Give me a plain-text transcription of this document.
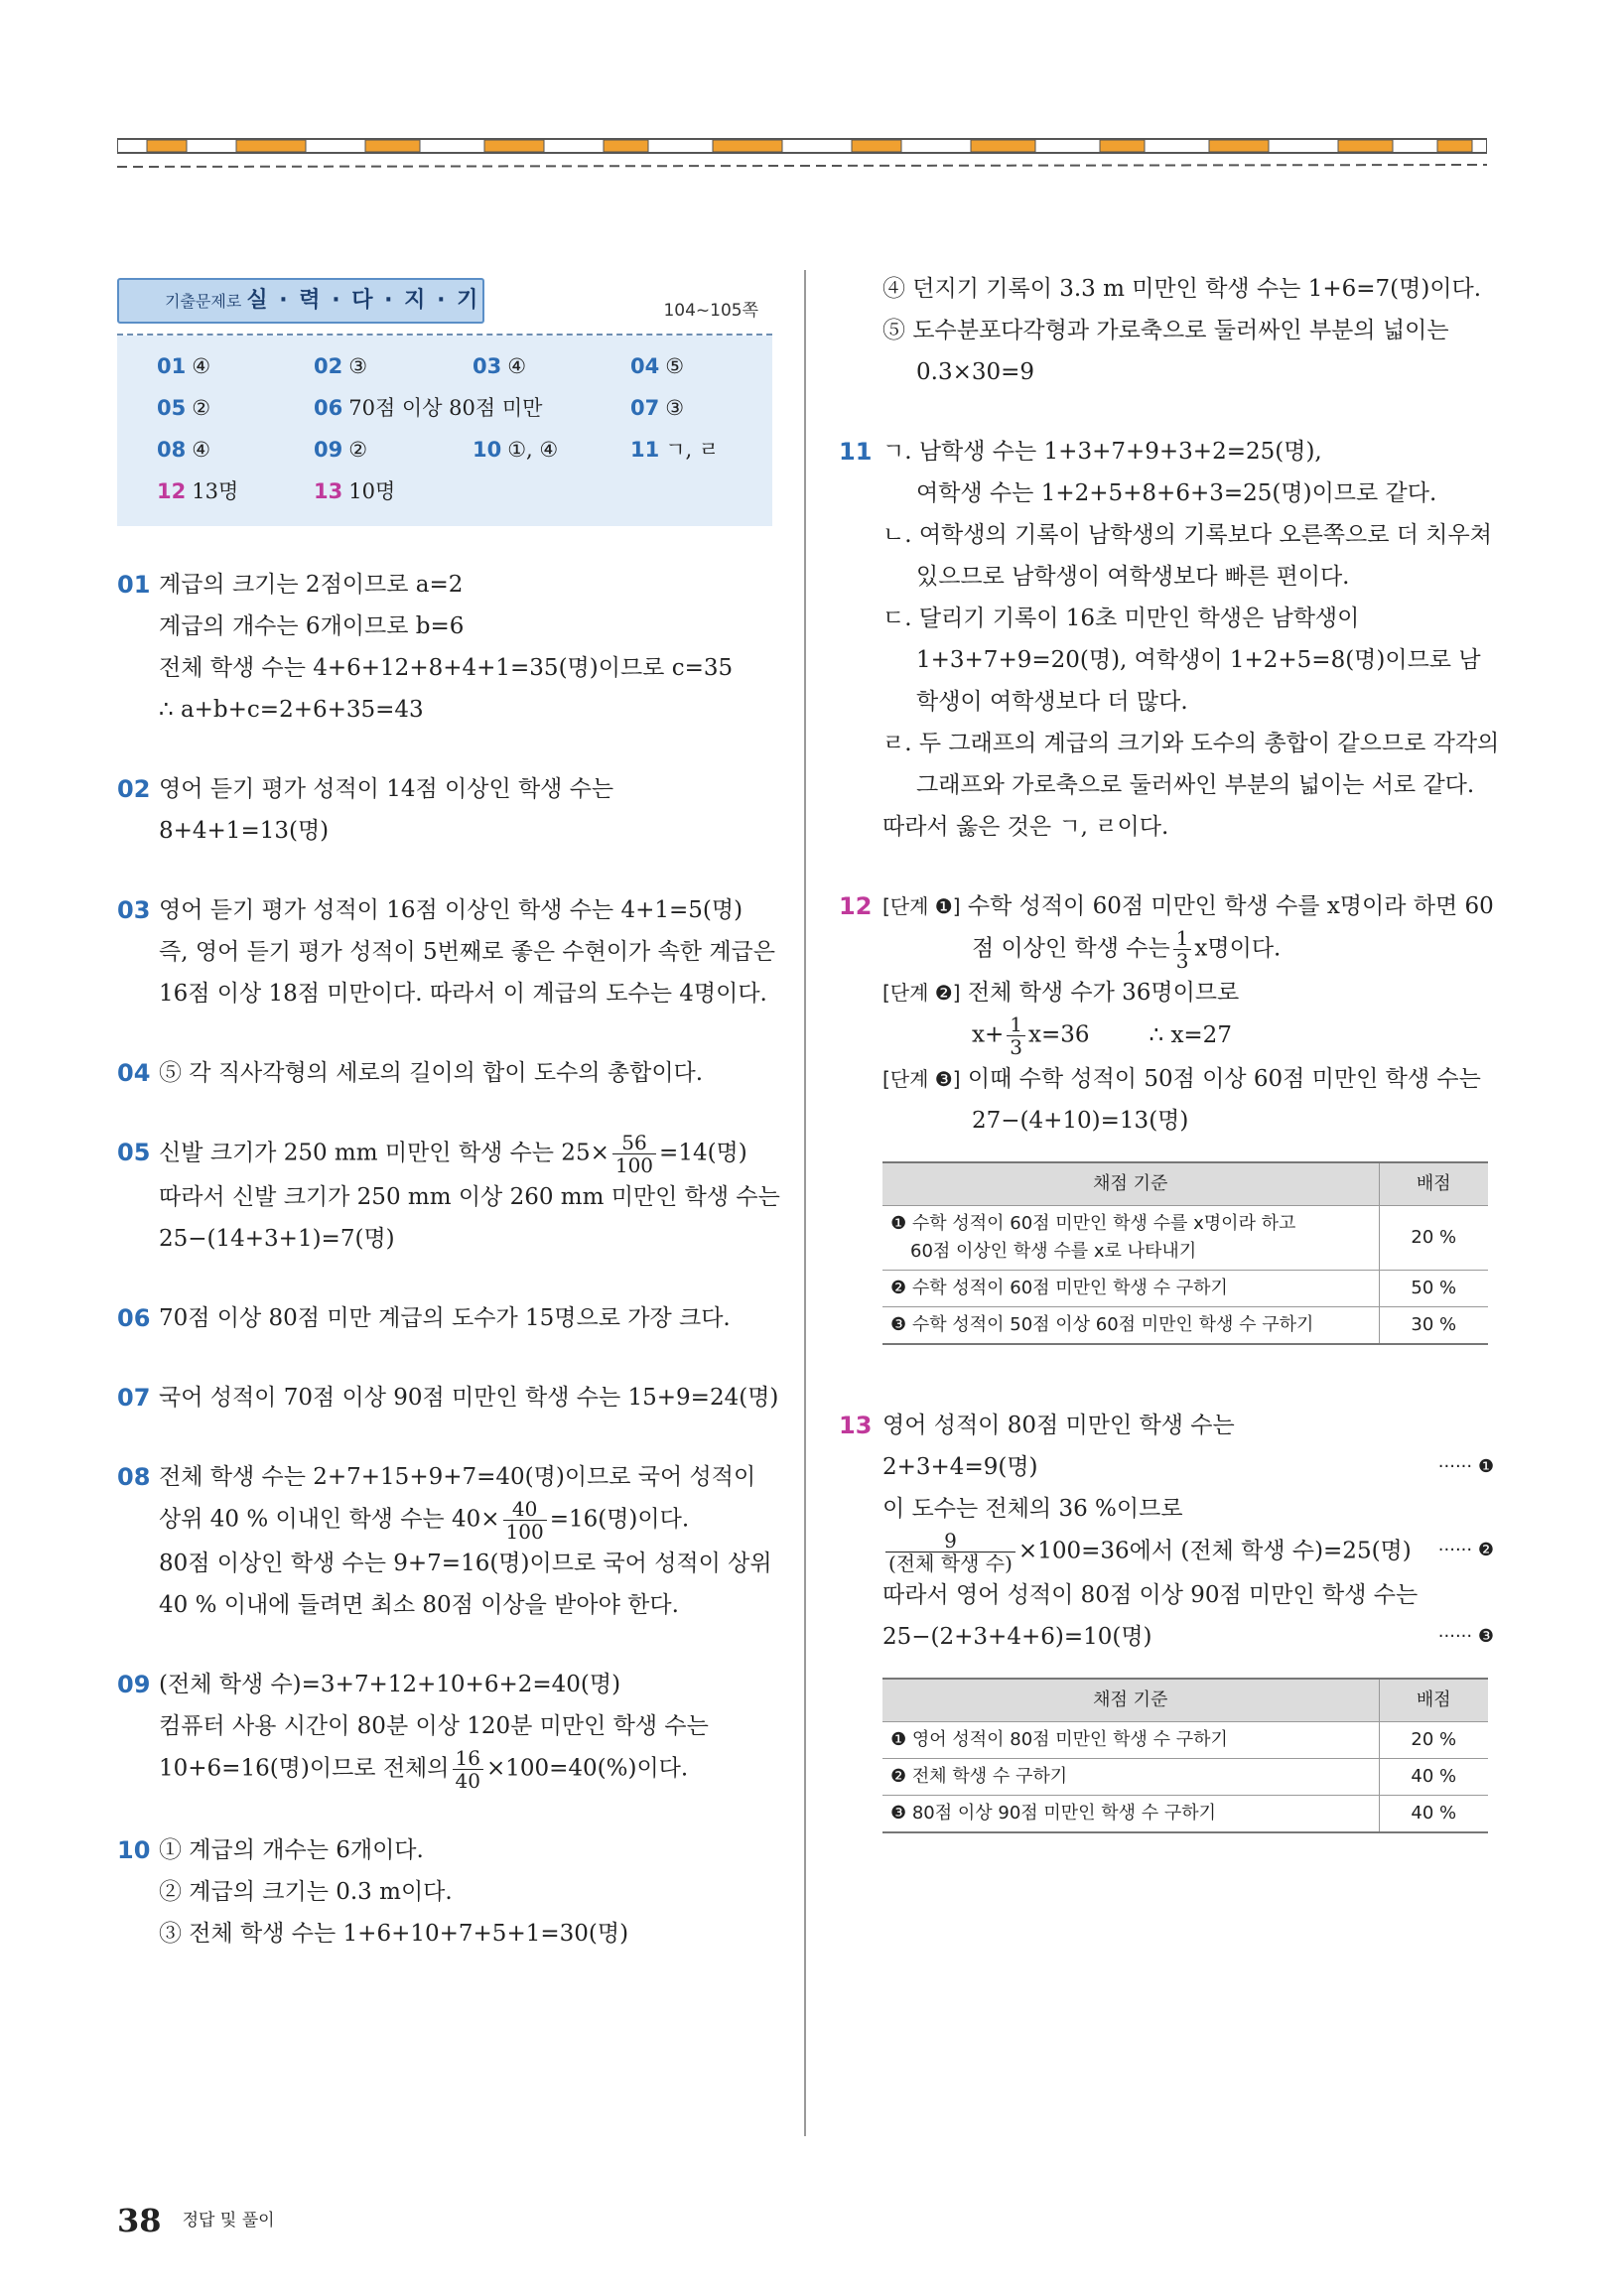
기출문제로 실 · 력 · 다 · 지 · 기	104~105쪽
01 ④	02 ③	03 ④	04 ⑤
05 ②	06 70점 이상 80점 미만	07 ③
08 ④	09 ②	10 ①, ④	11 ㄱ, ㄹ
12 13명	13 10명
01 계급의 크기는 2점이므로 a=2
계급의 개수는 6개이므로 b=6
전체 학생 수는 4+6+12+8+4+1=35(명)이므로 c=35
∴ a+b+c=2+6+35=43
02 영어 듣기 평가 성적이 14점 이상인 학생 수는
8+4+1=13(명)
03 영어 듣기 평가 성적이 16점 이상인 학생 수는 4+1=5(명)
즉, 영어 듣기 평가 성적이 5번째로 좋은 수현이가 속한 계급은
16점 이상 18점 미만이다. 따라서 이 계급의 도수는 4명이다.
04 ⑤ 각 직사각형의 세로의 길이의 합이 도수의 총합이다.
05 신발 크기가 250 mm 미만인 학생 수는 $25\times \frac{56}{100} =14$(명)
따라서 신발 크기가 250 mm 이상 260 mm 미만인 학생 수는
25−(14+3+1)=7(명)
06 70점 이상 80점 미만 계급의 도수가 15명으로 가장 크다.
07 국어 성적이 70점 이상 90점 미만인 학생 수는 15+9=24(명)
08 전체 학생 수는 2+7+15+9+7=40(명)이므로 국어 성적이
상위 40 % 이내인 학생 수는 $40\times \frac{40}{100} =16$(명)이다.
80점 이상인 학생 수는 9+7=16(명)이므로 국어 성적이 상위
40 % 이내에 들려면 최소 80점 이상을 받아야 한다.
09 (전체 학생 수)=3+7+12+10+6+2=40(명)
컴퓨터 사용 시간이 80분 이상 120분 미만인 학생 수는
10+6=16(명)이므로 전체의 $\frac{16}{40} \times 100=40(\%)$이다.
10 ① 계급의 개수는 6개이다.
② 계급의 크기는 0.3 m이다.
③ 전체 학생 수는 1+6+10+7+5+1=30(명)
④ 던지기 기록이 3.3 m 미만인 학생 수는 1+6=7(명)이다.
⑤ 도수분포다각형과 가로축으로 둘러싸인 부분의 넓이는
0.3×30=9
11 ㄱ. 남학생 수는 1+3+7+9+3+2=25(명),
여학생 수는 1+2+5+8+6+3=25(명)이므로 같다.
ㄴ. 여학생의 기록이 남학생의 기록보다 오른쪽으로 더 치우쳐
있으므로 남학생이 여학생보다 빠른 편이다.
ㄷ. 달리기 기록이 16초 미만인 학생은 남학생이
1+3+7+9=20(명), 여학생이 1+2+5=8(명)이므로 남
학생이 여학생보다 더 많다.
ㄹ. 두 그래프의 계급의 크기와 도수의 총합이 같으므로 각각의
그래프와 가로축으로 둘러싸인 부분의 넓이는 서로 같다.
따라서 옳은 것은 ㄱ, ㄹ이다.
12 [단계 ❶] 수학 성적이 60점 미만인 학생 수를 x명이라 하면 60
점 이상인 학생 수는 $\frac{1}{3}$ x명이다.
[단계 ❷] 전체 학생 수가 36명이므로
$x+ \frac{1}{3} x=36$	∴ x=27
[단계 ❸] 이때 수학 성적이 50점 이상 60점 미만인 학생 수는
27−(4+10)=13(명)
채점 기준	배점
❶ 수학 성적이 60점 미만인 학생 수를 x명이라 하고
60점 이상인 학생 수를 x로 나타내기	20 %
❷ 수학 성적이 60점 미만인 학생 수 구하기	50 %
❸ 수학 성적이 50점 이상 60점 미만인 학생 수 구하기	30 %
13 영어 성적이 80점 미만인 학생 수는
2+3+4=9(명)	······ ❶
이 도수는 전체의 36 %이므로
$\frac{9}{\text{(전체 학생 수)}} \times 100=36$에서 (전체 학생 수)=25(명) ······ ❷
따라서 영어 성적이 80점 이상 90점 미만인 학생 수는
25−(2+3+4+6)=10(명)	······ ❸
채점 기준	배점
❶ 영어 성적이 80점 미만인 학생 수 구하기	20 %
❷ 전체 학생 수 구하기	40 %
❸ 80점 이상 90점 미만인 학생 수 구하기	40 %
38 정답 및 풀이
